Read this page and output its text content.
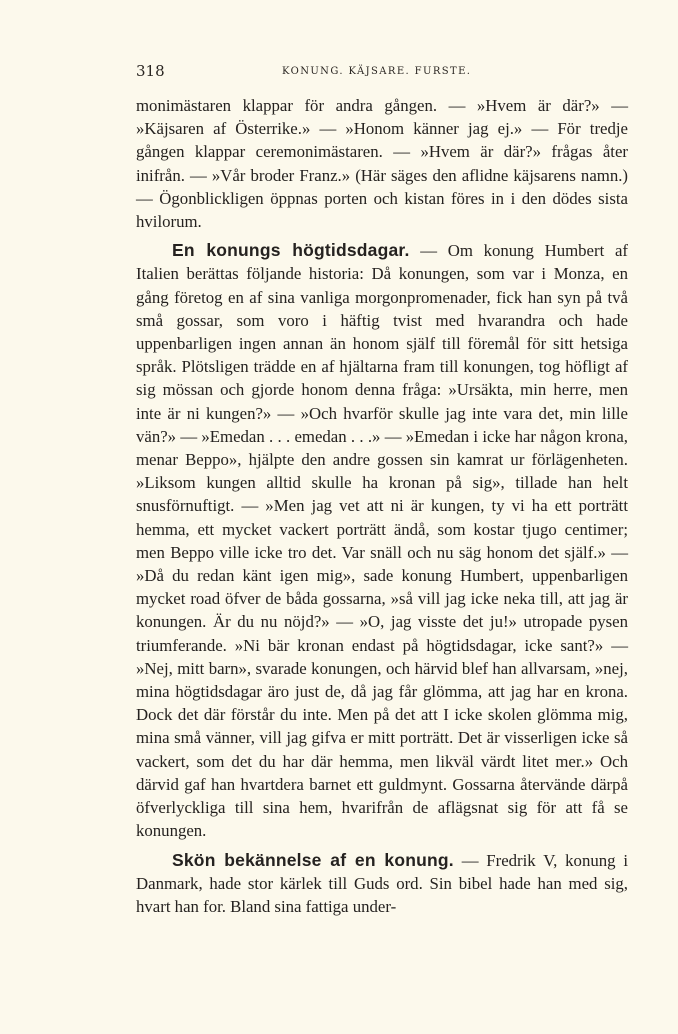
318	KONUNG. KÄJSARE. FURSTE.

monimästaren klappar för andra gången. — »Hvem är där?» — »Käjsaren af Österrike.» — »Honom känner jag ej.» — För tredje gången klappar ceremonimästaren. — »Hvem är där?» frågas åter inifrån. — »Vår broder Franz.» (Här säges den aflidne käjsarens namn.) — Ögonblickligen öppnas porten och kistan föres in i den dödes sista hvilorum.

En konungs högtidsdagar. — Om konung Humbert af Italien berättas följande historia: Då konungen, som var i Monza, en gång företog en af sina vanliga morgonpromenader, fick han syn på två små gossar, som voro i häftig tvist med hvarandra och hade uppenbarligen ingen annan än honom själf till föremål för sitt hetsiga språk. Plötsligen trädde en af hjältarna fram till konungen, tog höfligt af sig mössan och gjorde honom denna fråga: »Ursäkta, min herre, men inte är ni kungen?» — »Och hvarför skulle jag inte vara det, min lille vän?» — »Emedan . . . emedan . . .» — »Emedan i icke har någon krona, menar Beppo», hjälpte den andre gossen sin kamrat ur förlägenheten. »Liksom kungen alltid skulle ha kronan på sig», tillade han helt snusförnuftigt. — »Men jag vet att ni är kungen, ty vi ha ett porträtt hemma, ett mycket vackert porträtt ändå, som kostar tjugo centimer; men Beppo ville icke tro det. Var snäll och nu säg honom det själf.» — »Då du redan känt igen mig», sade konung Humbert, uppenbarligen mycket road öfver de båda gossarna, »så vill jag icke neka till, att jag är konungen. Är du nu nöjd?» — »O, jag visste det ju!» utropade pysen triumferande. »Ni bär kronan endast på högtidsdagar, icke sant?» — »Nej, mitt barn», svarade konungen, och härvid blef han allvarsam, »nej, mina högtidsdagar äro just de, då jag får glömma, att jag har en krona. Dock det där förstår du inte. Men på det att I icke skolen glömma mig, mina små vänner, vill jag gifva er mitt porträtt. Det är visserligen icke så vackert, som det du har där hemma, men likväl värdt litet mer.» Och därvid gaf han hvartdera barnet ett guldmynt. Gossarna återvände därpå öfverlyckliga till sina hem, hvarifrån de aflägsnat sig för att få se konungen.

Skön bekännelse af en konung. — Fredrik V, konung i Danmark, hade stor kärlek till Guds ord. Sin bibel hade han med sig, hvart han for. Bland sina fattiga under-
